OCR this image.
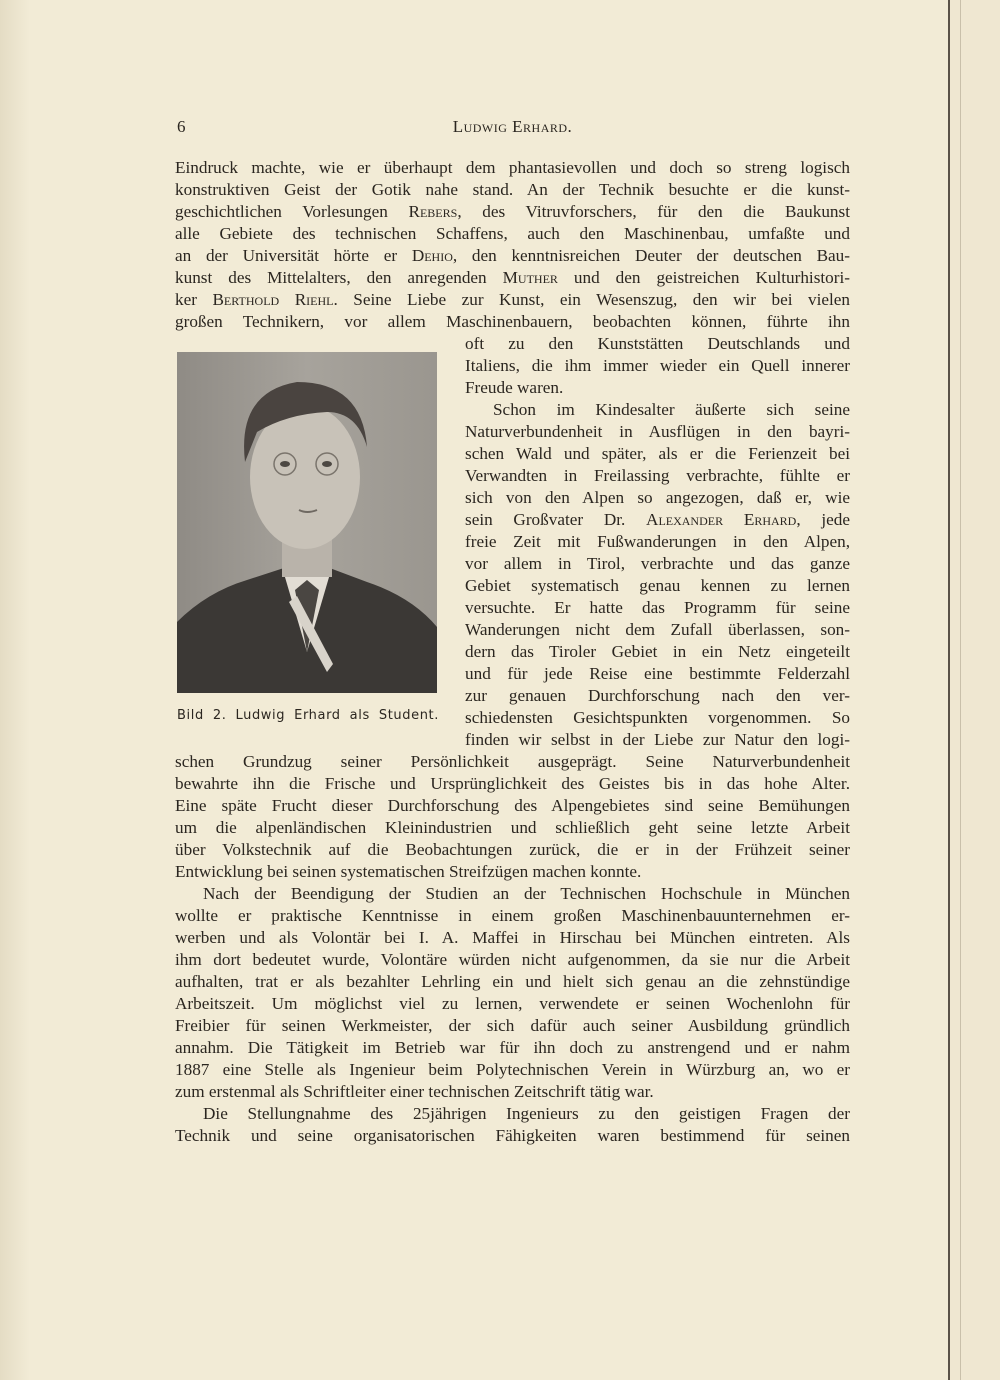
6	Ludwig Erhard.
Eindruck machte, wie er überhaupt dem phantasievollen und doch so streng logisch
konstruktiven Geist der Gotik nahe stand. An der Technik besuchte er die kunst-
geschichtlichen Vorlesungen Rebers, des Vitruvforschers, für den die Baukunst
alle Gebiete des technischen Schaffens, auch den Maschinenbau, umfaßte und
an der Universität hörte er Dehio, den kenntnisreichen Deuter der deutschen Bau-
kunst des Mittelalters, den anregenden Muther und den geistreichen Kulturhistori-
ker Berthold Riehl. Seine Liebe zur Kunst, ein Wesenszug, den wir bei vielen
großen Technikern, vor allem Maschinenbauern, beobachten können, führte ihn
oft zu den Kunststätten Deutschlands und
Italiens, die ihm immer wieder ein Quell innerer
Freude waren.
Schon im Kindesalter äußerte sich seine
Naturverbundenheit in Ausflügen in den bayri-
schen Wald und später, als er die Ferienzeit bei
Verwandten in Freilassing verbrachte, fühlte er
sich von den Alpen so angezogen, daß er, wie
sein Großvater Dr. Alexander Erhard, jede
freie Zeit mit Fußwanderungen in den Alpen,
vor allem in Tirol, verbrachte und das ganze
Gebiet systematisch genau kennen zu lernen
versuchte. Er hatte das Programm für seine
Wanderungen nicht dem Zufall überlassen, son-
dern das Tiroler Gebiet in ein Netz eingeteilt
und für jede Reise eine bestimmte Felderzahl
zur genauen Durchforschung nach den ver-
schiedensten Gesichtspunkten vorgenommen. So
finden wir selbst in der Liebe zur Natur den logi-
schen Grundzug seiner Persönlichkeit ausgeprägt. Seine Naturverbundenheit
bewahrte ihn die Frische und Ursprünglichkeit des Geistes bis in das hohe Alter.
Eine späte Frucht dieser Durchforschung des Alpengebietes sind seine Bemühungen
um die alpenländischen Kleinindustrien und schließlich geht seine letzte Arbeit
über Volkstechnik auf die Beobachtungen zurück, die er in der Frühzeit seiner
Entwicklung bei seinen systematischen Streifzügen machen konnte.
Nach der Beendigung der Studien an der Technischen Hochschule in München
wollte er praktische Kenntnisse in einem großen Maschinenbauunternehmen er-
werben und als Volontär bei I. A. Maffei in Hirschau bei München eintreten. Als
ihm dort bedeutet wurde, Volontäre würden nicht aufgenommen, da sie nur die Arbeit
aufhalten, trat er als bezahlter Lehrling ein und hielt sich genau an die zehnstündige
Arbeitszeit. Um möglichst viel zu lernen, verwendete er seinen Wochenlohn für
Freibier für seinen Werkmeister, der sich dafür auch seiner Ausbildung gründlich
annahm. Die Tätigkeit im Betrieb war für ihn doch zu anstrengend und er nahm
1887 eine Stelle als Ingenieur beim Polytechnischen Verein in Würzburg an, wo er
zum erstenmal als Schriftleiter einer technischen Zeitschrift tätig war.
Die Stellungnahme des 25jährigen Ingenieurs zu den geistigen Fragen der
Technik und seine organisatorischen Fähigkeiten waren bestimmend für seinen
Bild 2. Ludwig Erhard als Student.
